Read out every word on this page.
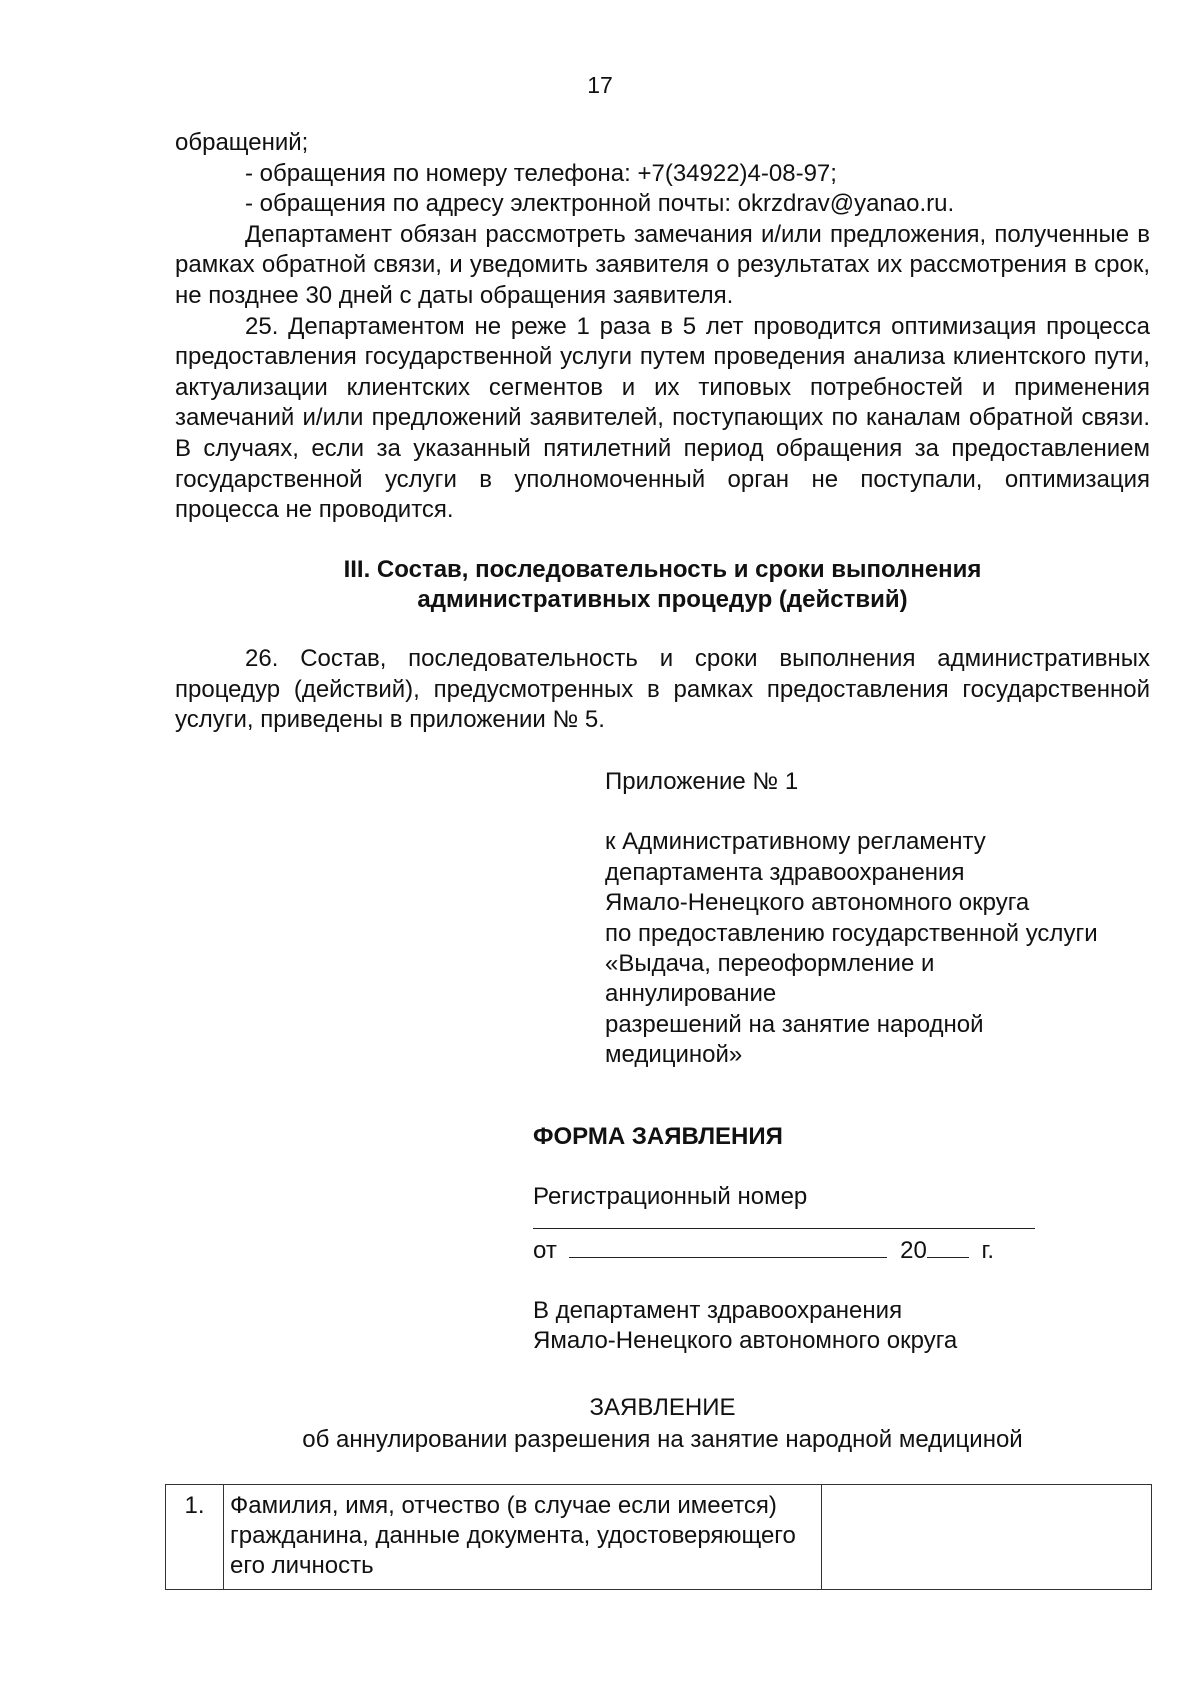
17

обращений;

- обращения по номеру телефона: +7(34922)4-08-97;

- обращения по адресу электронной почты: okrzdrav@yanao.ru.

Департамент обязан рассмотреть замечания и/или предложения, полученные в рамках обратной связи, и уведомить заявителя о результатах их рассмотрения в срок, не позднее 30 дней с даты обращения заявителя.

25. Департаментом не реже 1 раза в 5 лет проводится оптимизация процесса предоставления государственной услуги путем проведения анализа клиентского пути, актуализации клиентских сегментов и их типовых потребностей и применения замечаний и/или предложений заявителей, поступающих по каналам обратной связи. В случаях, если за указанный пятилетний период обращения за предоставлением государственной услуги в уполномоченный орган не поступали, оптимизация процесса не проводится.

III. Состав, последовательность и сроки выполнения
административных процедур (действий)

26. Состав, последовательность и сроки выполнения административных процедур (действий), предусмотренных в рамках предоставления государственной услуги, приведены в приложении № 5.

Приложение № 1

к Административному регламенту
департамента здравоохранения
Ямало-Ненецкого автономного округа
по предоставлению государственной услуги
«Выдача, переоформление и
аннулирование
разрешений на занятие народной
медициной»

ФОРМА ЗАЯВЛЕНИЯ

Регистрационный номер

от	20 г.
В департамент здравоохранения
Ямало-Ненецкого автономного округа
ЗАЯВЛЕНИЕ
об аннулировании разрешения на занятие народной медициной
1.	Фамилия, имя, отчество (в случае если имеется) гражданина, данные документа, удостоверяющего его личность	
